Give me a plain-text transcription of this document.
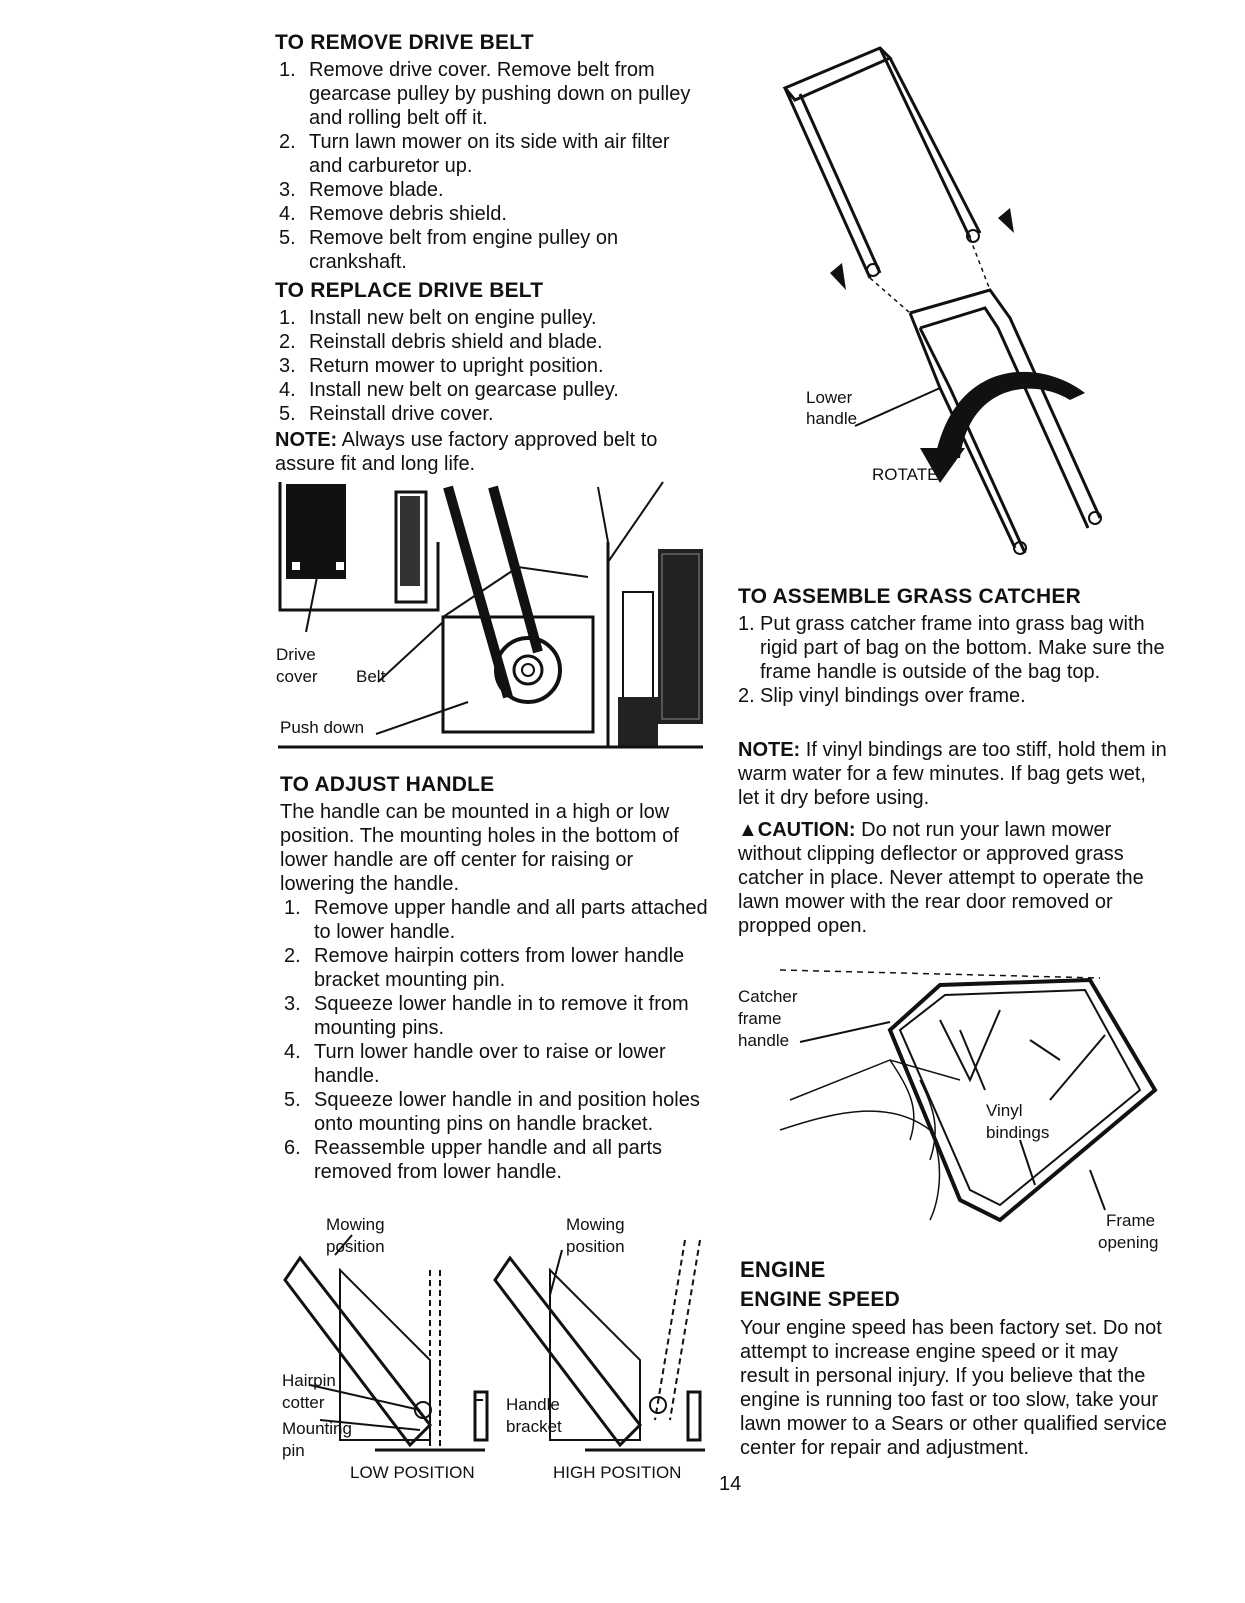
TO REMOVE DRIVE BELT
1. Remove drive cover. Remove belt from gearcase pulley by pushing down on pulley and rolling belt off it.
2. Turn lawn mower on its side with air filter and carburetor up.
3. Remove blade.
4. Remove debris shield.
5. Remove belt from engine pulley on crankshaft.
TO REPLACE DRIVE BELT
1. Install new belt on engine pulley.
2. Reinstall debris shield and blade.
3. Return mower to upright position.
4. Install new belt on gearcase pulley.
5. Reinstall drive cover.
NOTE: Always use factory approved belt to assure fit and long life.
Drive
cover Belt
Push down
TO ADJUST HANDLE
The handle can be mounted in a high or low position. The mounting holes in the bottom of lower handle are off center for raising or lowering the handle.
1. Remove upper handle and all parts attached to lower handle.
2. Remove hairpin cotters from lower handle bracket mounting pin.
3. Squeeze lower handle in to remove it from mounting pins.
4. Turn lower handle over to raise or lower handle.
5. Squeeze lower handle in and position holes onto mounting pins on handle bracket.
6. Reassemble upper handle and all parts removed from lower handle.
Mowing
position
Mowing
position
Hairpin
cotter
Mounting
pin
Handle
bracket
LOW POSITION	HIGH POSITION
Lower
handle
ROTATE
TO ASSEMBLE GRASS CATCHER
1. Put grass catcher frame into grass bag with rigid part of bag on the bottom. Make sure the frame handle is outside of the bag top.
2. Slip vinyl bindings over frame.
NOTE: If vinyl bindings are too stiff, hold them in warm water for a few minutes. If bag gets wet, let it dry before using.
▲CAUTION: Do not run your lawn mower without clipping deflector or approved grass catcher in place. Never attempt to operate the lawn mower with the rear door removed or propped open.
Catcher
frame
handle
Vinyl
bindings
Frame
opening
ENGINE
ENGINE SPEED
Your engine speed has been factory set. Do not attempt to increase engine speed or it may result in personal injury. If you believe that the engine is running too fast or too slow, take your lawn mower to a Sears or other qualified service center for repair and adjustment.
14
